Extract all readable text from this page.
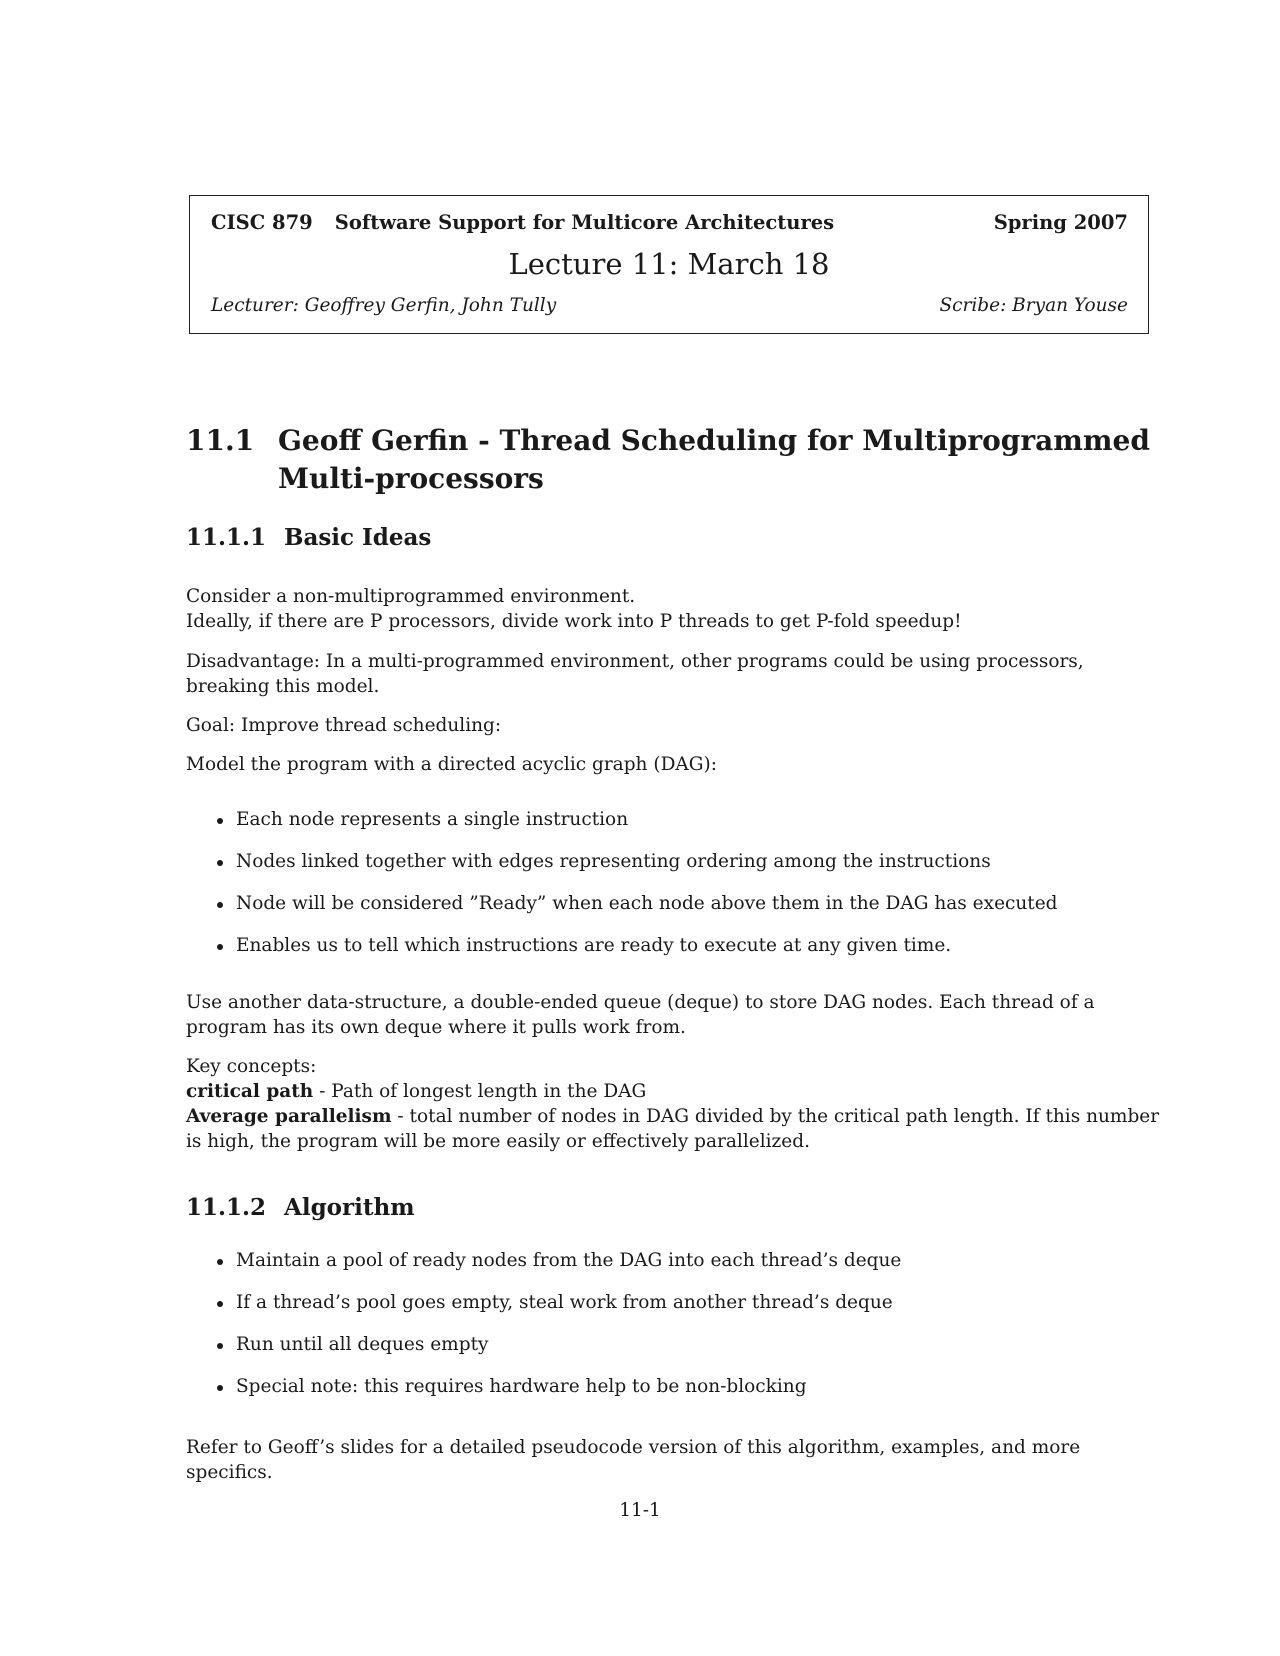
CISC 879 Software Support for Multicore Architectures	Spring 2007
Lecture 11: March 18
Lecturer: Geoffrey Gerfin, John Tully	Scribe: Bryan Youse
11.1 Geoff Gerfin - Thread Scheduling for Multiprogrammed Multi-processors
11.1.1 Basic Ideas

Consider a non-multiprogrammed environment.
Ideally, if there are P processors, divide work into P threads to get P-fold speedup!

Disadvantage: In a multi-programmed environment, other programs could be using processors, breaking this model.

Goal: Improve thread scheduling:

Model the program with a directed acyclic graph (DAG):

Each node represents a single instruction
Nodes linked together with edges representing ordering among the instructions
Node will be considered ”Ready” when each node above them in the DAG has executed
Enables us to tell which instructions are ready to execute at any given time.

Use another data-structure, a double-ended queue (deque) to store DAG nodes. Each thread of a program has its own deque where it pulls work from.

Key concepts:
critical path - Path of longest length in the DAG
Average parallelism - total number of nodes in DAG divided by the critical path length. If this number is high, the program will be more easily or effectively parallelized.

11.1.2 Algorithm
Maintain a pool of ready nodes from the DAG into each thread’s deque
If a thread’s pool goes empty, steal work from another thread’s deque
Run until all deques empty
Special note: this requires hardware help to be non-blocking

Refer to Geoff’s slides for a detailed pseudocode version of this algorithm, examples, and more specifics.

11-1
